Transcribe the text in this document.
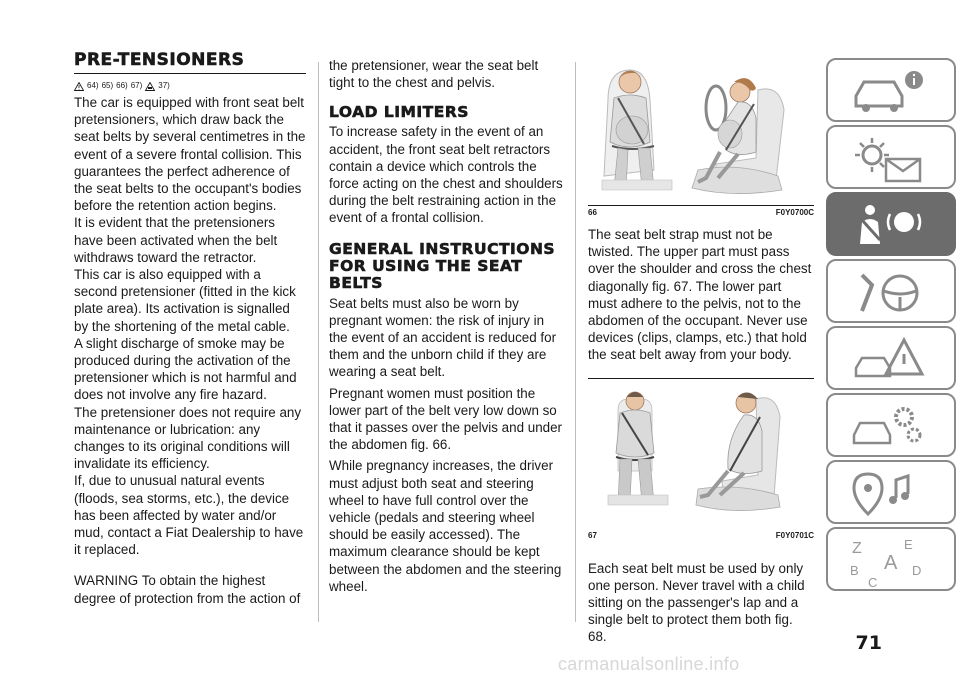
PRE-TENSIONERS
64) 65) 66) 67) 37)

The car is equipped with front seat belt pretensioners, which draw back the seat belts by several centimetres in the event of a severe frontal collision. This guarantees the perfect adherence of the seat belts to the occupant's bodies before the retention action begins.

It is evident that the pretensioners have been activated when the belt withdraws toward the retractor.

This car is also equipped with a second pretensioner (fitted in the kick plate area). Its activation is signalled by the shortening of the metal cable.

A slight discharge of smoke may be produced during the activation of the pretensioner which is not harmful and does not involve any fire hazard.

The pretensioner does not require any maintenance or lubrication: any changes to its original conditions will invalidate its efficiency.

If, due to unusual natural events (floods, sea storms, etc.), the device has been affected by water and/or mud, contact a Fiat Dealership to have it replaced.

WARNING To obtain the highest degree of protection from the action of

the pretensioner, wear the seat belt tight to the chest and pelvis.

LOAD LIMITERS

To increase safety in the event of an accident, the front seat belt retractors contain a device which controls the force acting on the chest and shoulders during the belt restraining action in the event of a frontal collision.

GENERAL INSTRUCTIONS FOR USING THE SEAT BELTS

Seat belts must also be worn by pregnant women: the risk of injury in the event of an accident is reduced for them and the unborn child if they are wearing a seat belt.

Pregnant women must position the lower part of the belt very low down so that it passes over the pelvis and under the abdomen fig. 66.

While pregnancy increases, the driver must adjust both seat and steering wheel to have full control over the vehicle (pedals and steering wheel should be easily accessed). The maximum clearance should be kept between the abdomen and the steering wheel.

66	F0Y0700C

The seat belt strap must not be twisted. The upper part must pass over the shoulder and cross the chest diagonally fig. 67. The lower part must adhere to the pelvis, not to the abdomen of the occupant. Never use devices (clips, clamps, etc.) that hold the seat belt away from your body.

67	F0Y0701C

Each seat belt must be used by only one person. Never travel with a child sitting on the passenger's lap and a single belt to protect them both fig. 68.

Z	E
B A
C
D
71
carmanualsonline.info
